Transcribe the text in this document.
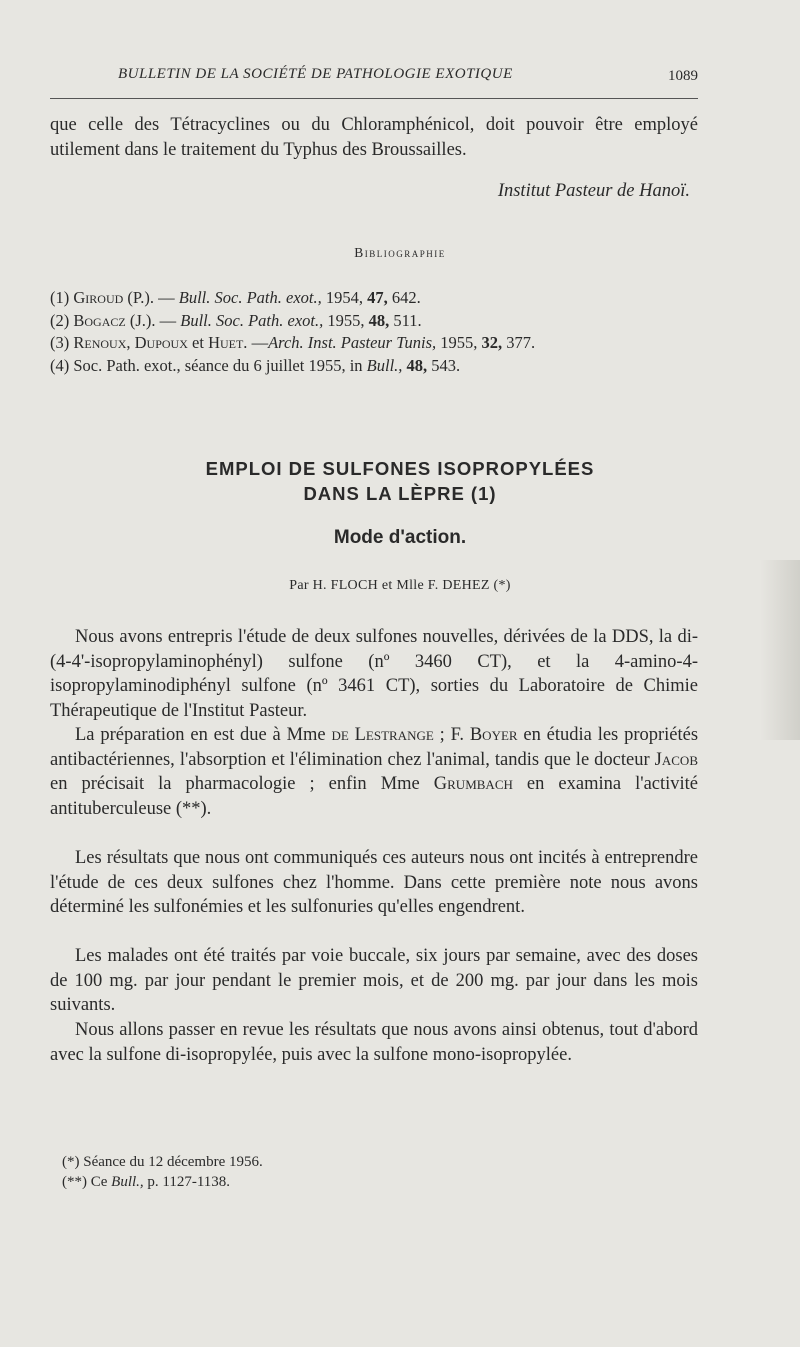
BULLETIN DE LA SOCIÉTÉ DE PATHOLOGIE EXOTIQUE	1089

que celle des Tétracyclines ou du Chloramphénicol, doit pouvoir être employé utilement dans le traitement du Typhus des Broussailles.

Institut Pasteur de Hanoï.
Bibliographie
(1) Giroud (P.). — Bull. Soc. Path. exot., 1954, 47, 642.
(2) Bogacz (J.). — Bull. Soc. Path. exot., 1955, 48, 511.
(3) Renoux, Dupoux et Huet. —Arch. Inst. Pasteur Tunis, 1955, 32, 377.
(4) Soc. Path. exot., séance du 6 juillet 1955, in Bull., 48, 543.
EMPLOI DE SULFONES ISOPROPYLÉES
DANS LA LÈPRE (1)
Mode d'action.
Par H. FLOCH et Mlle F. DEHEZ (*)

Nous avons entrepris l'étude de deux sulfones nouvelles, dérivées de la DDS, la di-(4-4'-isopropylaminophényl) sulfone (nº 3460 CT), et la 4-amino-4-isopropylaminodiphényl sulfone (nº 3461 CT), sorties du Laboratoire de Chimie Thérapeutique de l'Institut Pasteur.

La préparation en est due à Mme de Lestrange ; F. Boyer en étudia les propriétés antibactériennes, l'absorption et l'élimination chez l'animal, tandis que le docteur Jacob en précisait la pharmacologie ; enfin Mme Grumbach en examina l'activité antituberculeuse (**).

Les résultats que nous ont communiqués ces auteurs nous ont incités à entreprendre l'étude de ces deux sulfones chez l'homme. Dans cette première note nous avons déterminé les sulfonémies et les sulfonuries qu'elles engendrent.

Les malades ont été traités par voie buccale, six jours par semaine, avec des doses de 100 mg. par jour pendant le premier mois, et de 200 mg. par jour dans les mois suivants.

Nous allons passer en revue les résultats que nous avons ainsi obtenus, tout d'abord avec la sulfone di-isopropylée, puis avec la sulfone mono-isopropylée.

(*) Séance du 12 décembre 1956.
(**) Ce Bull., p. 1127-1138.
